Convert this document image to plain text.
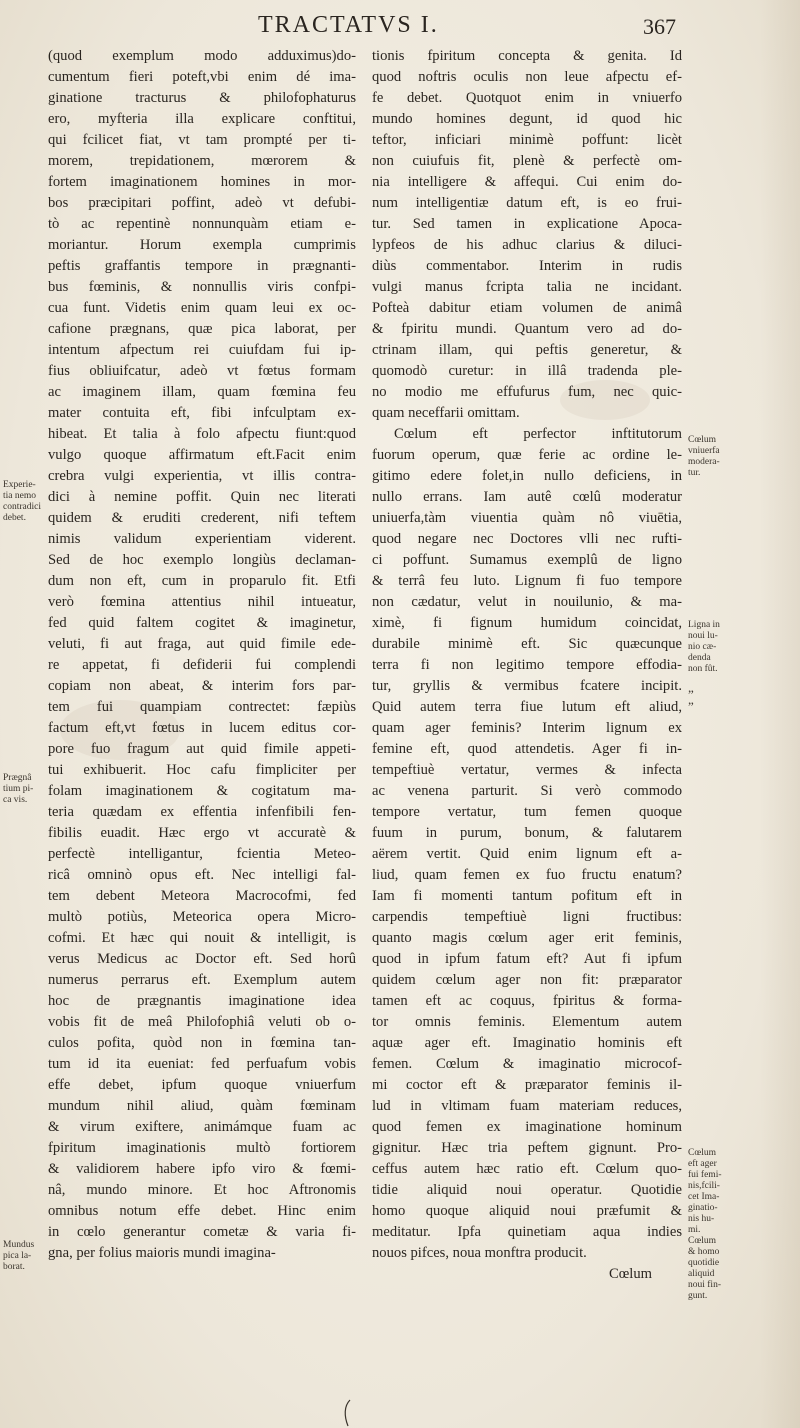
TRACTATVS I.	367
(quod exemplum modo adduximus)do-
cumentum fieri poteft,vbi enim dé ima-
ginatione tracturus & philofophaturus
ero, myfteria illa explicare conftitui,
qui fcilicet fiat, vt tam prompté per ti-
morem, trepidationem, mœrorem &
fortem imaginationem homines in mor-
bos præcipitari poffint, adeò vt defubi-
tò ac repentinè nonnunquàm etiam e-
moriantur. Horum exempla cumprimis
peftis graffantis tempore in prægnanti-
bus fœminis, & nonnullis viris confpi-
cua funt. Videtis enim quam leui ex oc-
cafione prægnans, quæ pica laborat, per
intentum afpectum rei cuiufdam fui ip-
fius obliuifcatur, adeò vt fœtus formam
ac imaginem illam, quam fœmina feu
mater contuita eft, fibi infculptam ex-
hibeat. Et talia à folo afpectu fiunt:quod
vulgo quoque affirmatum eft.Facit enim
crebra vulgi experientia, vt illis contra-
dici à nemine poffit. Quin nec literati
quidem & eruditi crederent, nifi teftem
nimis validum experientiam viderent.
Sed de hoc exemplo longiùs declaman-
dum non eft, cum in proparulo fit. Etfi
verò fœmina attentius nihil intueatur,
fed quid faltem cogitet & imaginetur,
veluti, fi aut fraga, aut quid fimile ede-
re appetat, fi defiderii fui complendi
copiam non abeat, & interim fors par-
tem fui quampiam contrectet: fæpiùs
factum eft,vt fœtus in lucem editus cor-
pore fuo fragum aut quid fimile appeti-
tui exhibuerit. Hoc cafu fimpliciter per
folam imaginationem & cogitatum ma-
teria quædam ex effentia infenfibili fen-
fibilis euadit. Hæc ergo vt accuratè &
perfectè intelligantur, fcientia Meteo-
ricâ omninò opus eft. Nec intelligi fal-
tem debent Meteora Macrocofmi, fed
multò potiùs, Meteorica opera Micro-
cofmi. Et hæc qui nouit & intelligit, is
verus Medicus ac Doctor eft. Sed horû
numerus perrarus eft. Exemplum autem
hoc de prægnantis imaginatione idea
vobis fit de meâ Philofophiâ veluti ob o-
culos pofita, quòd non in fœmina tan-
tum id ita eueniat: fed perfuafum vobis
effe debet, ipfum quoque vniuerfum
mundum nihil aliud, quàm fœminam
& virum exiftere, animámque fuam ac
fpiritum imaginationis multò fortiorem
& validiorem habere ipfo viro & fœmi-
nâ, mundo minore. Et hoc Aftronomis
omnibus notum effe debet. Hinc enim
in cœlo generantur cometæ & varia fi-
gna, per folius maioris mundi imagina-
tionis fpiritum concepta & genita. Id
quod noftris oculis non leue afpectu ef-
fe debet. Quotquot enim in vniuerfo
mundo homines degunt, id quod hic
teftor, inficiari minimè poffunt: licèt
non cuiufuis fit, plenè & perfectè om-
nia intelligere & affequi. Cui enim do-
num intelligentiæ datum eft, is eo frui-
tur. Sed tamen in explicatione Apoca-
lypfeos de his adhuc clarius & diluci-
diùs commentabor. Interim in rudis
vulgi manus fcripta talia ne incidant.
Pofteà dabitur etiam volumen de animâ
& fpiritu mundi. Quantum vero ad do-
ctrinam illam, qui peftis generetur, &
quomodò curetur: in illâ tradenda ple-
no modio me effufurus fum, nec quic-
quam neceffarii omittam.
Cœlum eft perfector inftitutorum
fuorum operum, quæ ferie ac ordine le-
gitimo edere folet,in nullo deficiens, in
nullo errans. Iam autê cœlû moderatur
uniuerfa,tàm viuentia quàm nô viuētia,
quod negare nec Doctores vlli nec rufti-
ci poffunt. Sumamus exemplû de ligno
& terrâ feu luto. Lignum fi fuo tempore
non cædatur, velut in nouilunio, & ma-
ximè, fi fignum humidum coincidat,
durabile minimè eft. Sic quæcunque
terra fi non legitimo tempore effodia-
tur, gryllis & vermibus fcatere incipit.
Quid autem terra fiue lutum eft aliud,
quam ager feminis? Interim lignum ex
femine eft, quod attendetis. Ager fi in-
tempeftiuè vertatur, vermes & infecta
ac venena parturit. Si verò commodo
tempore vertatur, tum femen quoque
fuum in purum, bonum, & falutarem
aërem vertit. Quid enim lignum eft a-
liud, quam femen ex fuo fructu enatum?
Iam fi momenti tantum pofitum eft in
carpendis tempeftiuè ligni fructibus:
quanto magis cœlum ager erit feminis,
quod in ipfum fatum eft? Aut fi ipfum
quidem cœlum ager non fit: præparator
tamen eft ac coquus, fpiritus & forma-
tor omnis feminis. Elementum autem
aquæ ager eft. Imaginatio hominis eft
femen. Cœlum & imaginatio microcof-
mi coctor eft & præparator feminis il-
lud in vltimam fuam materiam reduces,
quod femen ex imaginatione hominum
gignitur. Hæc tria peftem gignunt. Pro-
ceffus autem hæc ratio eft. Cœlum quo-
tidie aliquid noui operatur. Quotidie
homo quoque aliquid noui præfumit &
meditatur. Ipfa quinetiam aqua indies
nouos pifces, noua monftra producit.
Cœlum
Experie-
tia nemo
contradici
debet.
Prægnâ
tium pi-
ca vis.
Mundus
pica la-
borat.
Cœlum
vniuerfa
modera-
tur.
Ligna in
noui lu-
nio cæ-
denda
non fût.
„
„
Cœlum
eft ager
fui femi-
nis,fcili-
cet Ima-
ginatio-
nis hu-
mi.
Cœlum
& homo
quotidie
aliquid
noui fin-
gunt.
